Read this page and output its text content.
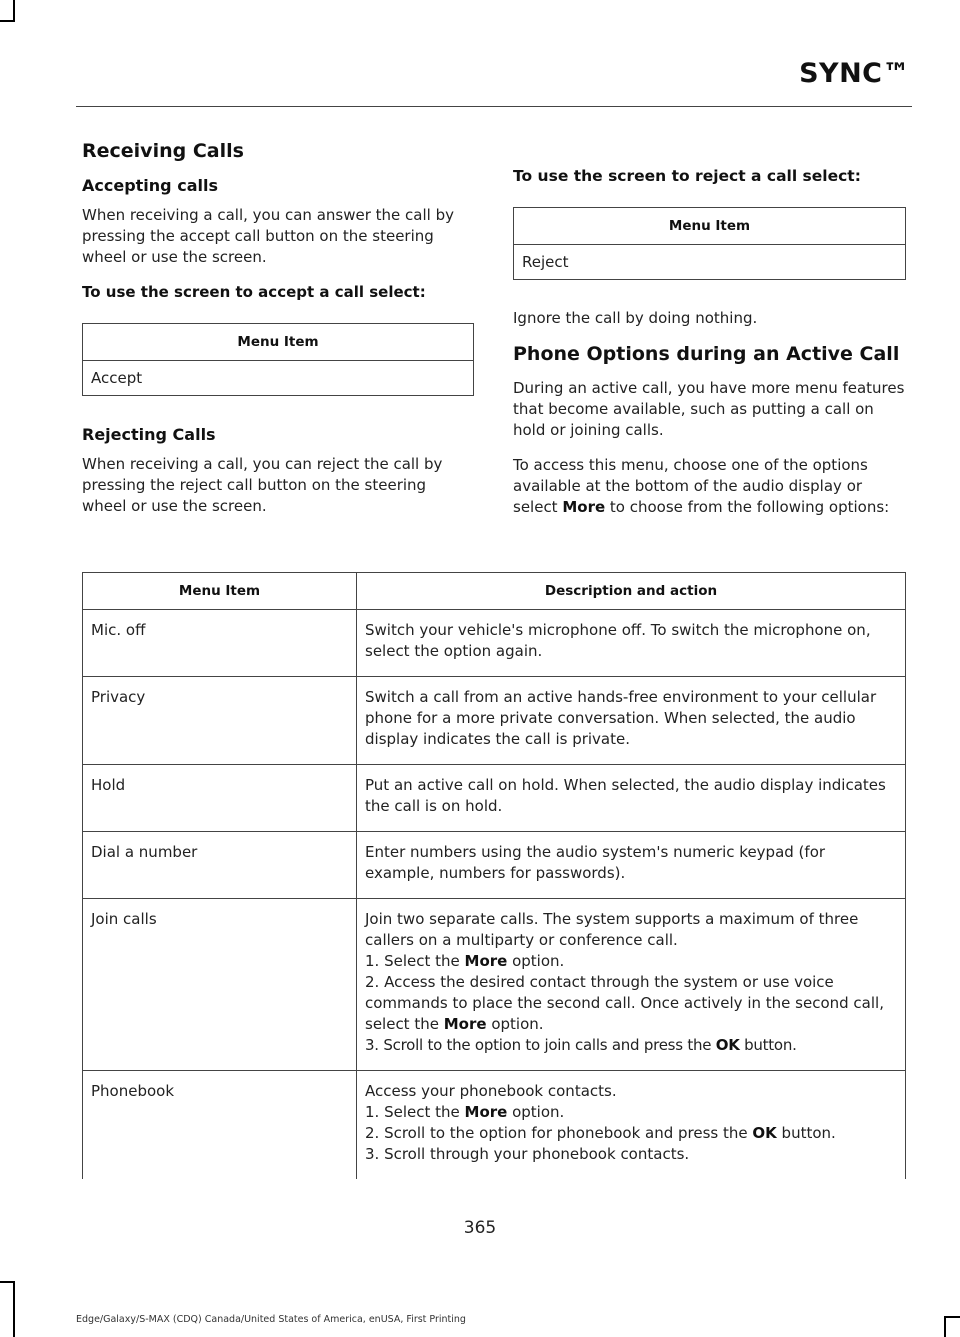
SYNC™
Receiving Calls
Accepting calls

When receiving a call, you can answer the call by pressing the accept call button on the steering wheel or use the screen.

To use the screen to accept a call select:

Menu Item
Accept
Rejecting Calls

When receiving a call, you can reject the call by pressing the reject call button on the steering wheel or use the screen.

To use the screen to reject a call select:

Menu Item
Reject

Ignore the call by doing nothing.

Phone Options during an Active Call

During an active call, you have more menu features that become available, such as putting a call on hold or joining calls.

To access this menu, choose one of the options available at the bottom of the audio display or select More to choose from the following options:

Menu Item	Description and action
Mic. off	Switch your vehicle's microphone off. To switch the microphone on, select the option again.
Privacy	Switch a call from an active hands-free environment to your cellular phone for a more private conversation. When selected, the audio display indicates the call is private.
Hold	Put an active call on hold. When selected, the audio display indicates the call is on hold.
Dial a number	Enter numbers using the audio system's numeric keypad (for example, numbers for passwords).
Join calls	Join two separate calls. The system supports a maximum of three callers on a multiparty or conference call.
1. Select the More option.
2. Access the desired contact through the system or use voice commands to place the second call. Once actively in the second call, select the More option.
3. Scroll to the option to join calls and press the OK button.

Phonebook	Access your phonebook contacts.
1. Select the More option.
2. Scroll to the option for phonebook and press the OK button.
3. Scroll through your phonebook contacts.
365
Edge/Galaxy/S-MAX (CDQ) Canada/United States of America, enUSA, First Printing
